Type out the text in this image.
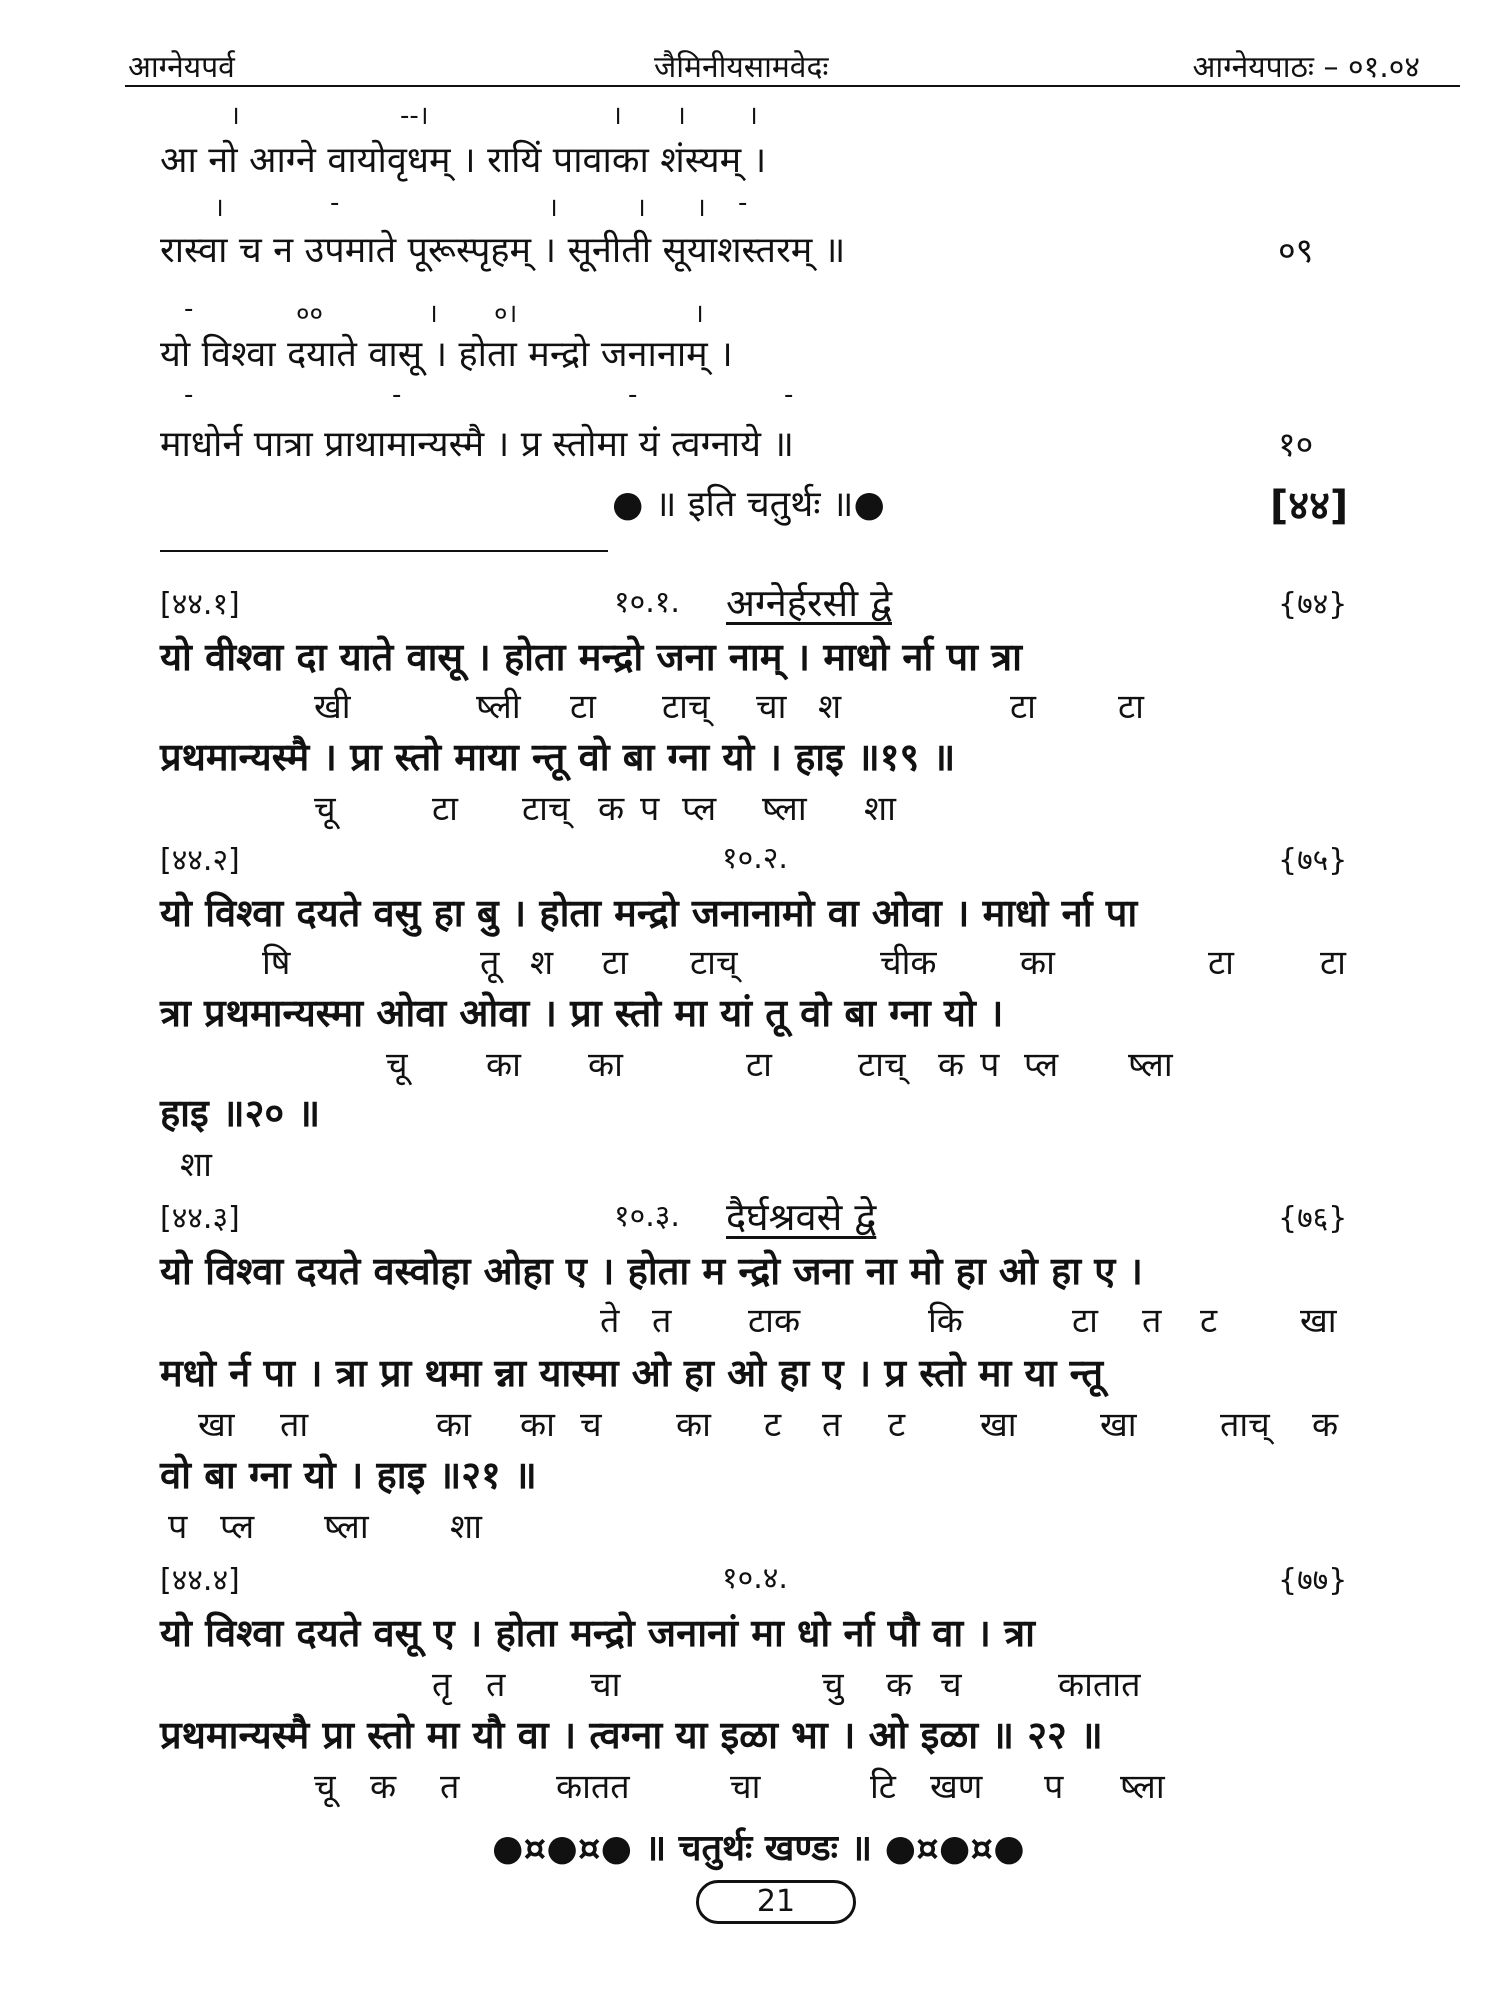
आग्नेयपर्व	जैमिनीयसामवेदः	आग्नेयपाठः – ०१.०४
।	--।	। । ।
आ नो आग्ने वायोवृधम् । रायिं पावाका शंस्यम् ।
।	-	।	। । -
रास्वा च न उपमाते पूरूस्पृहम् । सूनीती सूयाशस्तरम् ॥	०९
-	००	। ०।	।
यो विश्वा दयाते वासू । होता मन्द्रो जनानाम् ।
-	-	-	-
माधोर्न पात्रा प्राथामान्यस्मै । प्र स्तोमा यं त्वग्नाये ॥	१०
● ॥ इति चतुर्थः ॥●	[४४]
[४४.१]	१०.१. अग्नेर्हरसी द्वे	{७४}
यो वीश्वा दा याते वासू । होता मन्द्रो जना नाम् । माधो र्ना पा त्रा
खी	ष्ली टा टाच् चा श	टा टा
प्रथमान्यस्मै । प्रा स्तो माया न्तू वो बा ग्ना यो । हाइ ॥१९ ॥
चू	टा टाच् क प प्ल ष्ला शा
[४४.२]	१०.२.	{७५}
यो विश्वा दयते वसु हा बु । होता मन्द्रो जनानामो वा ओवा । माधो र्ना पा
षि	तू श टा टाच्	चीक का	टा	टा
त्रा प्रथमान्यस्मा ओवा ओवा । प्रा स्तो मा यां तू वो बा ग्ना यो ।
चू का का	टा	टाच् क प प्ल ष्ला
हाइ ॥२० ॥
शा
[४४.३]	१०.३. दैर्घश्रवसे द्वे	{७६}
यो विश्वा दयते वस्वोहा ओहा ए । होता म न्द्रो जना ना मो हा ओ हा ए ।
ते त टाक	कि	टा त ट खा
मधो र्न पा । त्रा प्रा थमा न्ना यास्मा ओ हा ओ हा ए । प्र स्तो मा या न्तू
खा ता	का का च का ट त ट खा खा ताच् क
वो बा ग्ना यो । हाइ ॥२१ ॥
प प्ल ष्ला शा
[४४.४]	१०.४.	{७७}
यो विश्वा दयते वसू ए । होता मन्द्रो जनानां मा धो र्ना पौ वा । त्रा
तृ त चा	चु क च	कातात
प्रथमान्यस्मै प्रा स्तो मा यौ वा । त्वग्ना या इळा भा । ओ इळा ॥ २२ ॥
चू क त	कातत	चा	टि खण प ष्ला
●¤●¤● ॥ चतुर्थः खण्डः ॥ ●¤●¤●
21
